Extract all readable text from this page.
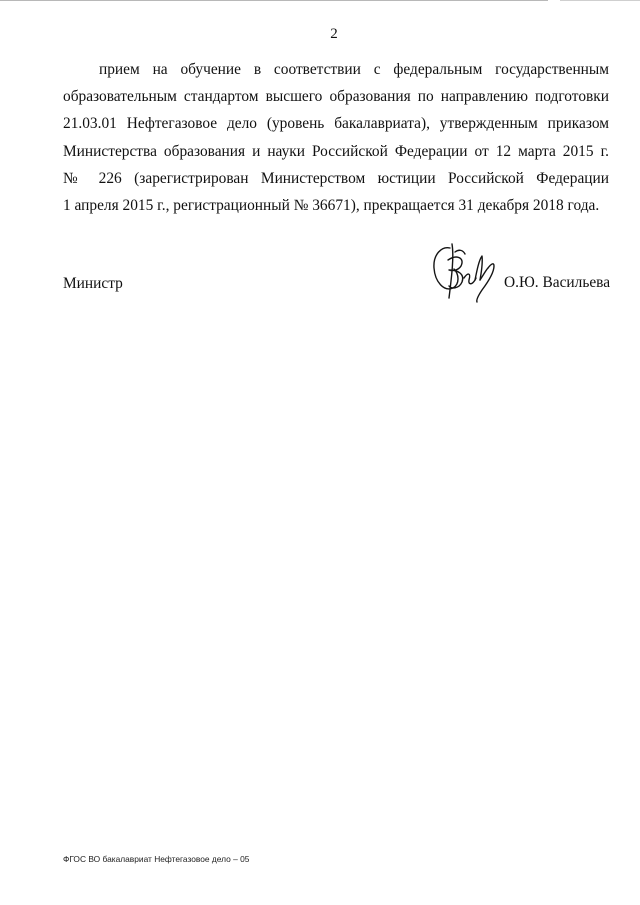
2
прием на обучение в соответствии с федеральным государственным
образовательным стандартом высшего образования по направлению подготовки
21.03.01 Нефтегазовое дело (уровень бакалавриата), утвержденным приказом
Министерства образования и науки Российской Федерации от 12 марта 2015 г.
№ 226 (зарегистрирован Министерством юстиции Российской Федерации
1 апреля 2015 г., регистрационный № 36671), прекращается 31 декабря 2018 года.
Министр	О.Ю. Васильева
ФГОС ВО бакалавриат Нефтегазовое дело – 05
